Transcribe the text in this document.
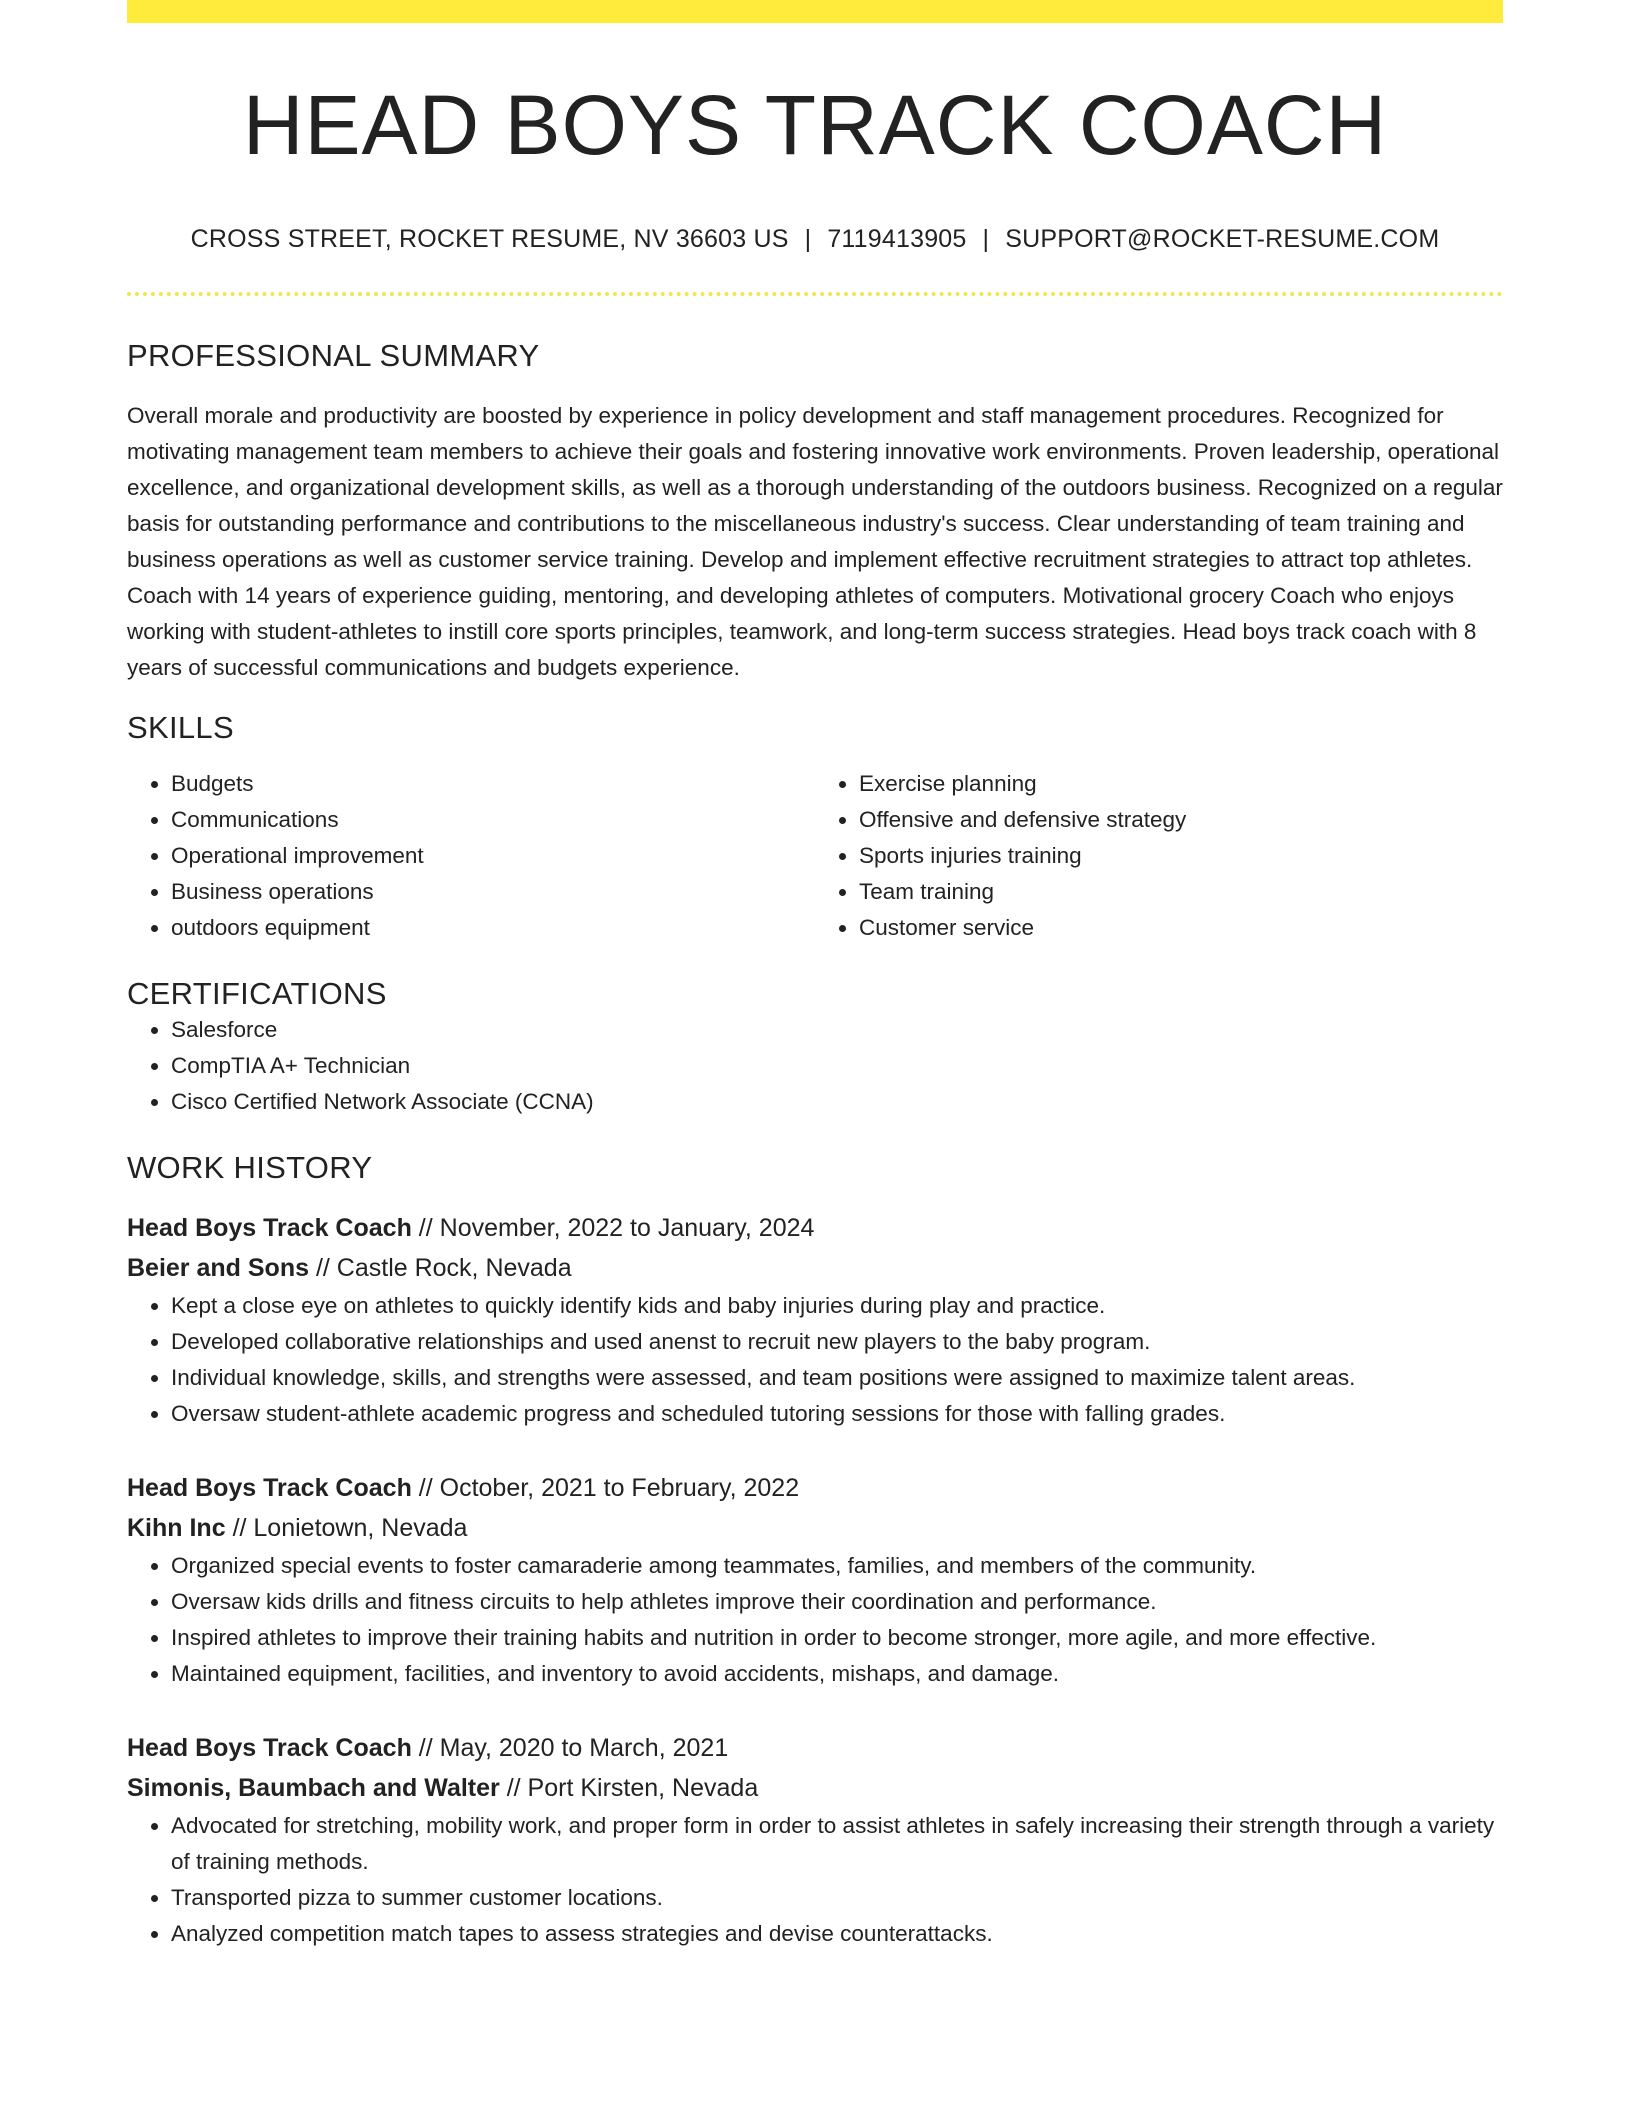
HEAD BOYS TRACK COACH
CROSS STREET, ROCKET RESUME, NV 36603 US | 7119413905 | SUPPORT@ROCKET-RESUME.COM
PROFESSIONAL SUMMARY

Overall morale and productivity are boosted by experience in policy development and staff management procedures. Recognized for motivating management team members to achieve their goals and fostering innovative work environments. Proven leadership, operational excellence, and organizational development skills, as well as a thorough understanding of the outdoors business. Recognized on a regular basis for outstanding performance and contributions to the miscellaneous industry's success. Clear understanding of team training and business operations as well as customer service training. Develop and implement effective recruitment strategies to attract top athletes. Coach with 14 years of experience guiding, mentoring, and developing athletes of computers. Motivational grocery Coach who enjoys working with student-athletes to instill core sports principles, teamwork, and long-term success strategies. Head boys track coach with 8 years of successful communications and budgets experience.

SKILLS
• Budgets
• Communications
• Operational improvement
• Business operations
• outdoors equipment
• Exercise planning
• Offensive and defensive strategy
• Sports injuries training
• Team training
• Customer service
CERTIFICATIONS
• Salesforce
• CompTIA A+ Technician
• Cisco Certified Network Associate (CCNA)
WORK HISTORY
Head Boys Track Coach // November, 2022 to January, 2024
Beier and Sons // Castle Rock, Nevada
• Kept a close eye on athletes to quickly identify kids and baby injuries during play and practice.
• Developed collaborative relationships and used anenst to recruit new players to the baby program.
• Individual knowledge, skills, and strengths were assessed, and team positions were assigned to maximize talent areas.
• Oversaw student-athlete academic progress and scheduled tutoring sessions for those with falling grades.
Head Boys Track Coach // October, 2021 to February, 2022
Kihn Inc // Lonietown, Nevada
• Organized special events to foster camaraderie among teammates, families, and members of the community.
• Oversaw kids drills and fitness circuits to help athletes improve their coordination and performance.
• Inspired athletes to improve their training habits and nutrition in order to become stronger, more agile, and more effective.
• Maintained equipment, facilities, and inventory to avoid accidents, mishaps, and damage.
Head Boys Track Coach // May, 2020 to March, 2021
Simonis, Baumbach and Walter // Port Kirsten, Nevada
• Advocated for stretching, mobility work, and proper form in order to assist athletes in safely increasing their strength through a variety of training methods.
• Transported pizza to summer customer locations.
• Analyzed competition match tapes to assess strategies and devise counterattacks.
